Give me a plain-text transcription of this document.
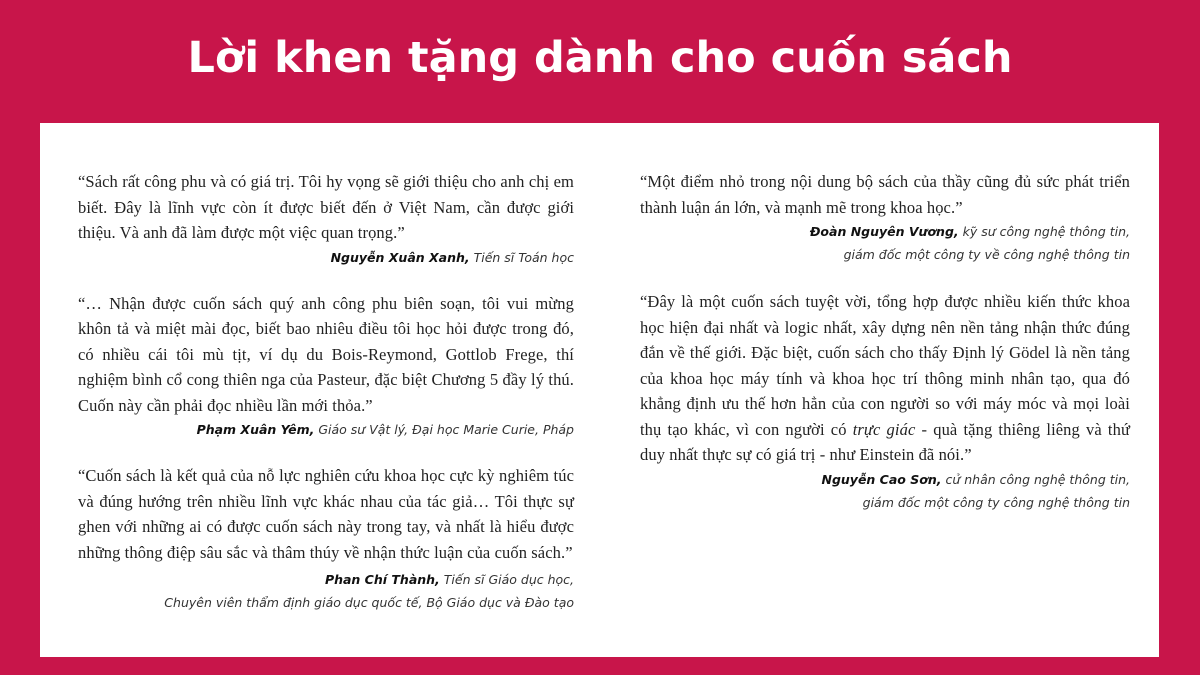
Lời khen tặng dành cho cuốn sách

“Sách rất công phu và có giá trị. Tôi hy vọng sẽ giới thiệu cho anh chị em biết. Đây là lĩnh vực còn ít được biết đến ở Việt Nam, cần được giới thiệu. Và anh đã làm được một việc quan trọng.”

Nguyễn Xuân Xanh, Tiến sĩ Toán học

“… Nhận được cuốn sách quý anh công phu biên soạn, tôi vui mừng khôn tả và miệt mài đọc, biết bao nhiêu điều tôi học hỏi được trong đó, có nhiều cái tôi mù tịt, ví dụ du Bois-Reymond, Gottlob Frege, thí nghiệm bình cổ cong thiên nga của Pasteur, đặc biệt Chương 5 đầy lý thú. Cuốn này cần phải đọc nhiều lần mới thỏa.”

Phạm Xuân Yêm, Giáo sư Vật lý, Đại học Marie Curie, Pháp

“Cuốn sách là kết quả của nỗ lực nghiên cứu khoa học cực kỳ nghiêm túc và đúng hướng trên nhiều lĩnh vực khác nhau của tác giả… Tôi thực sự ghen với những ai có được cuốn sách này trong tay, và nhất là hiểu được những thông điệp sâu sắc và thâm thúy về nhận thức luận của cuốn sách.”

Phan Chí Thành, Tiến sĩ Giáo dục học,

Chuyên viên thẩm định giáo dục quốc tế, Bộ Giáo dục và Đào tạo

“Một điểm nhỏ trong nội dung bộ sách của thầy cũng đủ sức phát triển thành luận án lớn, và mạnh mẽ trong khoa học.”

Đoàn Nguyên Vương, kỹ sư công nghệ thông tin,

giám đốc một công ty về công nghệ thông tin

“Đây là một cuốn sách tuyệt vời, tổng hợp được nhiều kiến thức khoa học hiện đại nhất và logic nhất, xây dựng nên nền tảng nhận thức đúng đắn về thế giới. Đặc biệt, cuốn sách cho thấy Định lý Gödel là nền tảng của khoa học máy tính và khoa học trí thông minh nhân tạo, qua đó khẳng định ưu thế hơn hẳn của con người so với máy móc và mọi loài thụ tạo khác, vì con người có trực giác - quà tặng thiêng liêng và thứ duy nhất thực sự có giá trị - như Einstein đã nói.”

Nguyễn Cao Sơn, cử nhân công nghệ thông tin,

giám đốc một công ty công nghệ thông tin
